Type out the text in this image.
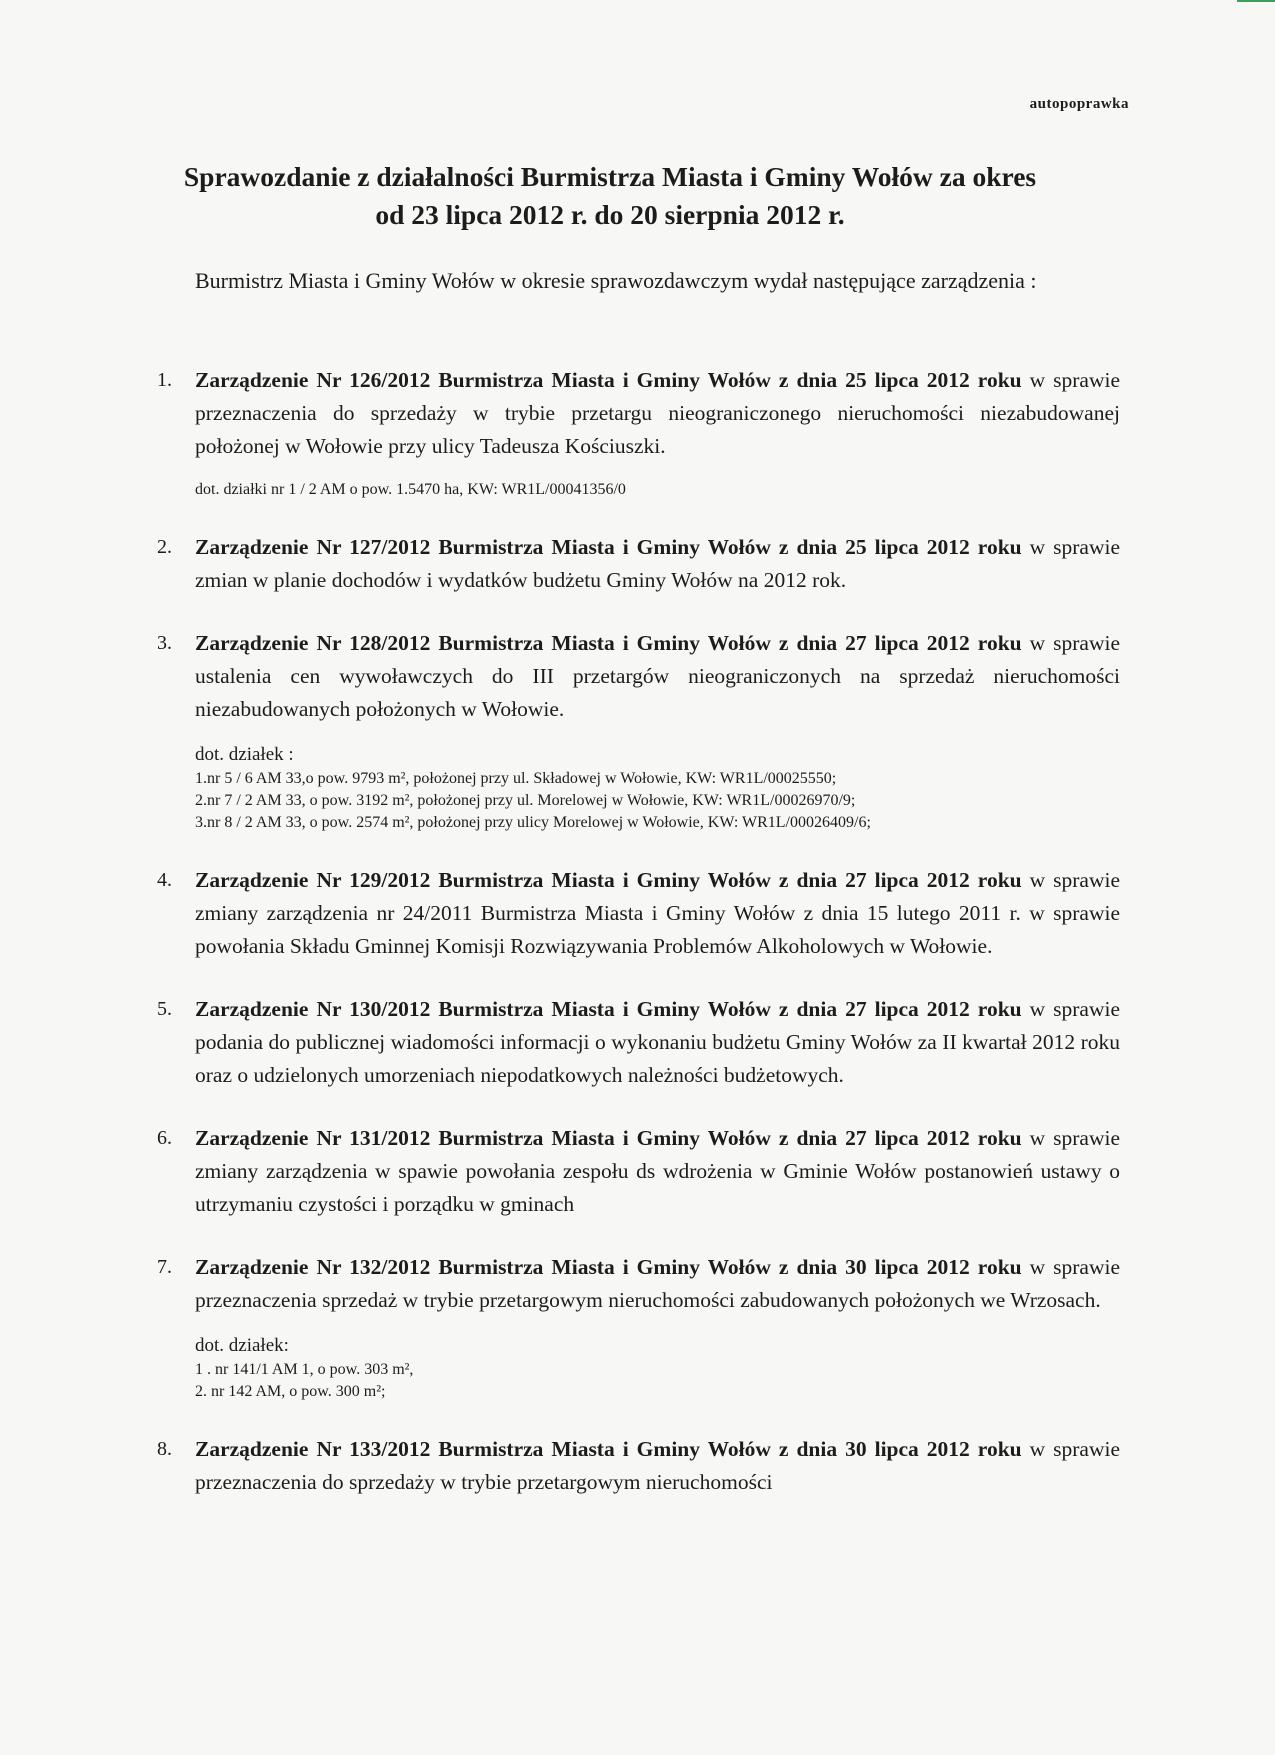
autopoprawka
Sprawozdanie z działalności Burmistrza Miasta i Gminy Wołów za okres
od 23 lipca 2012 r. do 20 sierpnia 2012 r.
Burmistrz Miasta i Gminy Wołów w okresie sprawozdawczym wydał następujące zarządzenia :
1.	Zarządzenie Nr 126/2012 Burmistrza Miasta i Gminy Wołów z dnia 25 lipca 2012 roku w sprawie przeznaczenia do sprzedaży w trybie przetargu nieograniczonego nieruchomości niezabudowanej położonej w Wołowie przy ulicy Tadeusza Kościuszki.
dot. działki nr 1 / 2 AM o pow. 1.5470 ha, KW: WR1L/00041356/0
2.	Zarządzenie Nr 127/2012 Burmistrza Miasta i Gminy Wołów z dnia 25 lipca 2012 roku w sprawie zmian w planie dochodów i wydatków budżetu Gminy Wołów na 2012 rok.
3.	Zarządzenie Nr 128/2012 Burmistrza Miasta i Gminy Wołów z dnia 27 lipca 2012 roku w sprawie ustalenia cen wywoławczych do III przetargów nieograniczonych na sprzedaż nieruchomości niezabudowanych położonych w Wołowie.
dot. działek :
1.nr 5 / 6 AM 33,o pow. 9793 m², położonej przy ul. Składowej w Wołowie, KW: WR1L/00025550;
2.nr 7 / 2 AM 33, o pow. 3192 m², położonej przy ul. Morelowej w Wołowie, KW: WR1L/00026970/9;
3.nr 8 / 2 AM 33, o pow. 2574 m², położonej przy ulicy Morelowej w Wołowie, KW: WR1L/00026409/6;
4.	Zarządzenie Nr 129/2012 Burmistrza Miasta i Gminy Wołów z dnia 27 lipca 2012 roku w sprawie zmiany zarządzenia nr 24/2011 Burmistrza Miasta i Gminy Wołów z dnia 15 lutego 2011 r. w sprawie powołania Składu Gminnej Komisji Rozwiązywania Problemów Alkoholowych w Wołowie.
5.	Zarządzenie Nr 130/2012 Burmistrza Miasta i Gminy Wołów z dnia 27 lipca 2012 roku w sprawie podania do publicznej wiadomości informacji o wykonaniu budżetu Gminy Wołów za II kwartał 2012 roku oraz o udzielonych umorzeniach niepodatkowych należności budżetowych.
6.	Zarządzenie Nr 131/2012 Burmistrza Miasta i Gminy Wołów z dnia 27 lipca 2012 roku w sprawie zmiany zarządzenia w spawie powołania zespołu ds wdrożenia w Gminie Wołów postanowień ustawy o utrzymaniu czystości i porządku w gminach
7.	Zarządzenie Nr 132/2012 Burmistrza Miasta i Gminy Wołów z dnia 30 lipca 2012 roku w sprawie przeznaczenia sprzedaż w trybie przetargowym nieruchomości zabudowanych położonych we Wrzosach.
dot. działek:
1 . nr 141/1 AM 1, o pow. 303 m²,
2. nr 142 AM, o pow. 300 m²;
8.	Zarządzenie Nr 133/2012 Burmistrza Miasta i Gminy Wołów z dnia 30 lipca 2012 roku w sprawie przeznaczenia do sprzedaży w trybie przetargowym nieruchomości
